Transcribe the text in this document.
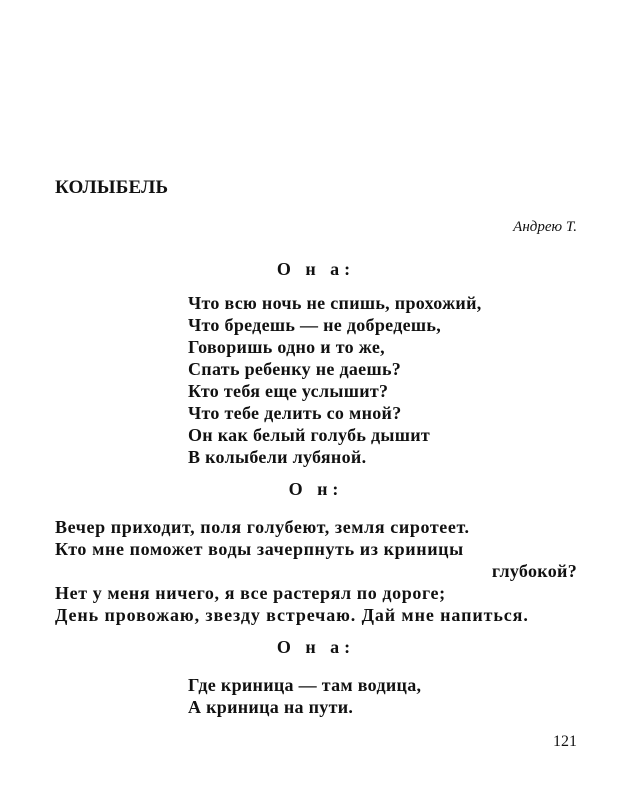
КОЛЫБЕЛЬ
Андрею Т.
О н а:
Что всю ночь не спишь, прохожий,
Что бредешь — не добредешь,
Говоришь одно и то же,
Спать ребенку не даешь?
Кто тебя еще услышит?
Что тебе делить со мной?
Он как белый голубь дышит
В колыбели лубяной.
О н:
Вечер приходит, поля голубеют, земля сиротеет.
Кто мне поможет воды зачерпнуть из криницы
глубокой?
Нет у меня ничего, я все растерял по дороге;
День провожаю, звезду встречаю. Дай мне напиться.
О н а:
Где криница — там водица,
А криница на пути.
121
